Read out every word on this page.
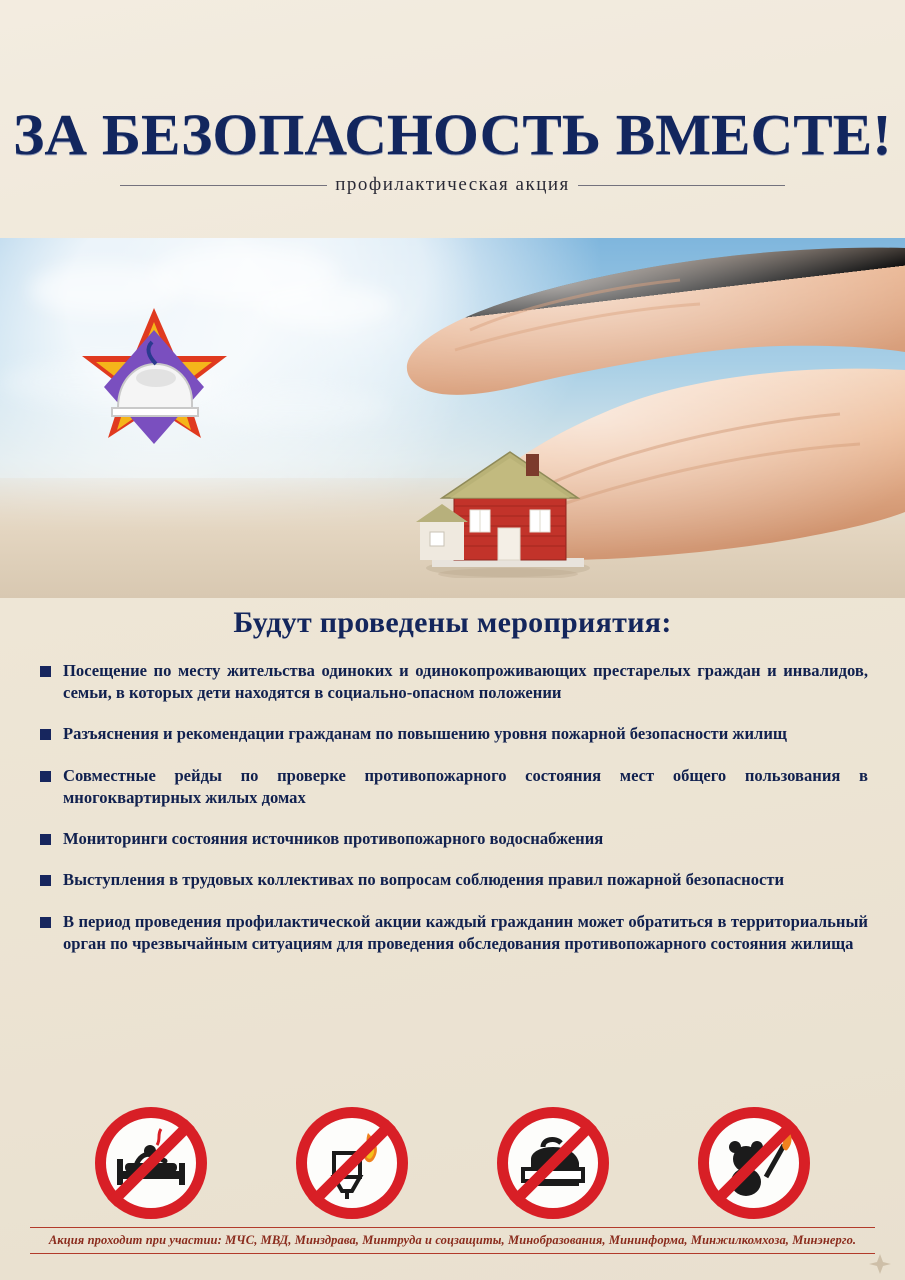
ЗА БЕЗОПАСНОСТЬ ВМЕСТЕ!
профилактическая акция
Будут проведены мероприятия:
Посещение по месту жительства одиноких и одинокопроживающих престарелых граждан и инвалидов, семьи, в которых дети находятся в социально-опасном положении
Разъяснения и рекомендации гражданам по повышению уровня пожарной безопасности жилищ
Совместные рейды по проверке противопожарного состояния мест общего пользования в многоквартирных жилых домах
Мониторинги состояния источников противопожарного водоснабжения
Выступления в трудовых коллективах по вопросам соблюдения правил пожарной безопасности
В период проведения профилактической акции каждый гражданин может обратиться в территориальный орган по чрезвычайным ситуациям для проведения обследования противопожарного состояния жилища
Акция проходит при участии: МЧС, МВД, Минздрава, Минтруда и соцзащиты, Минобразования, Мининформа, Минжилкомхоза, Минэнерго.
